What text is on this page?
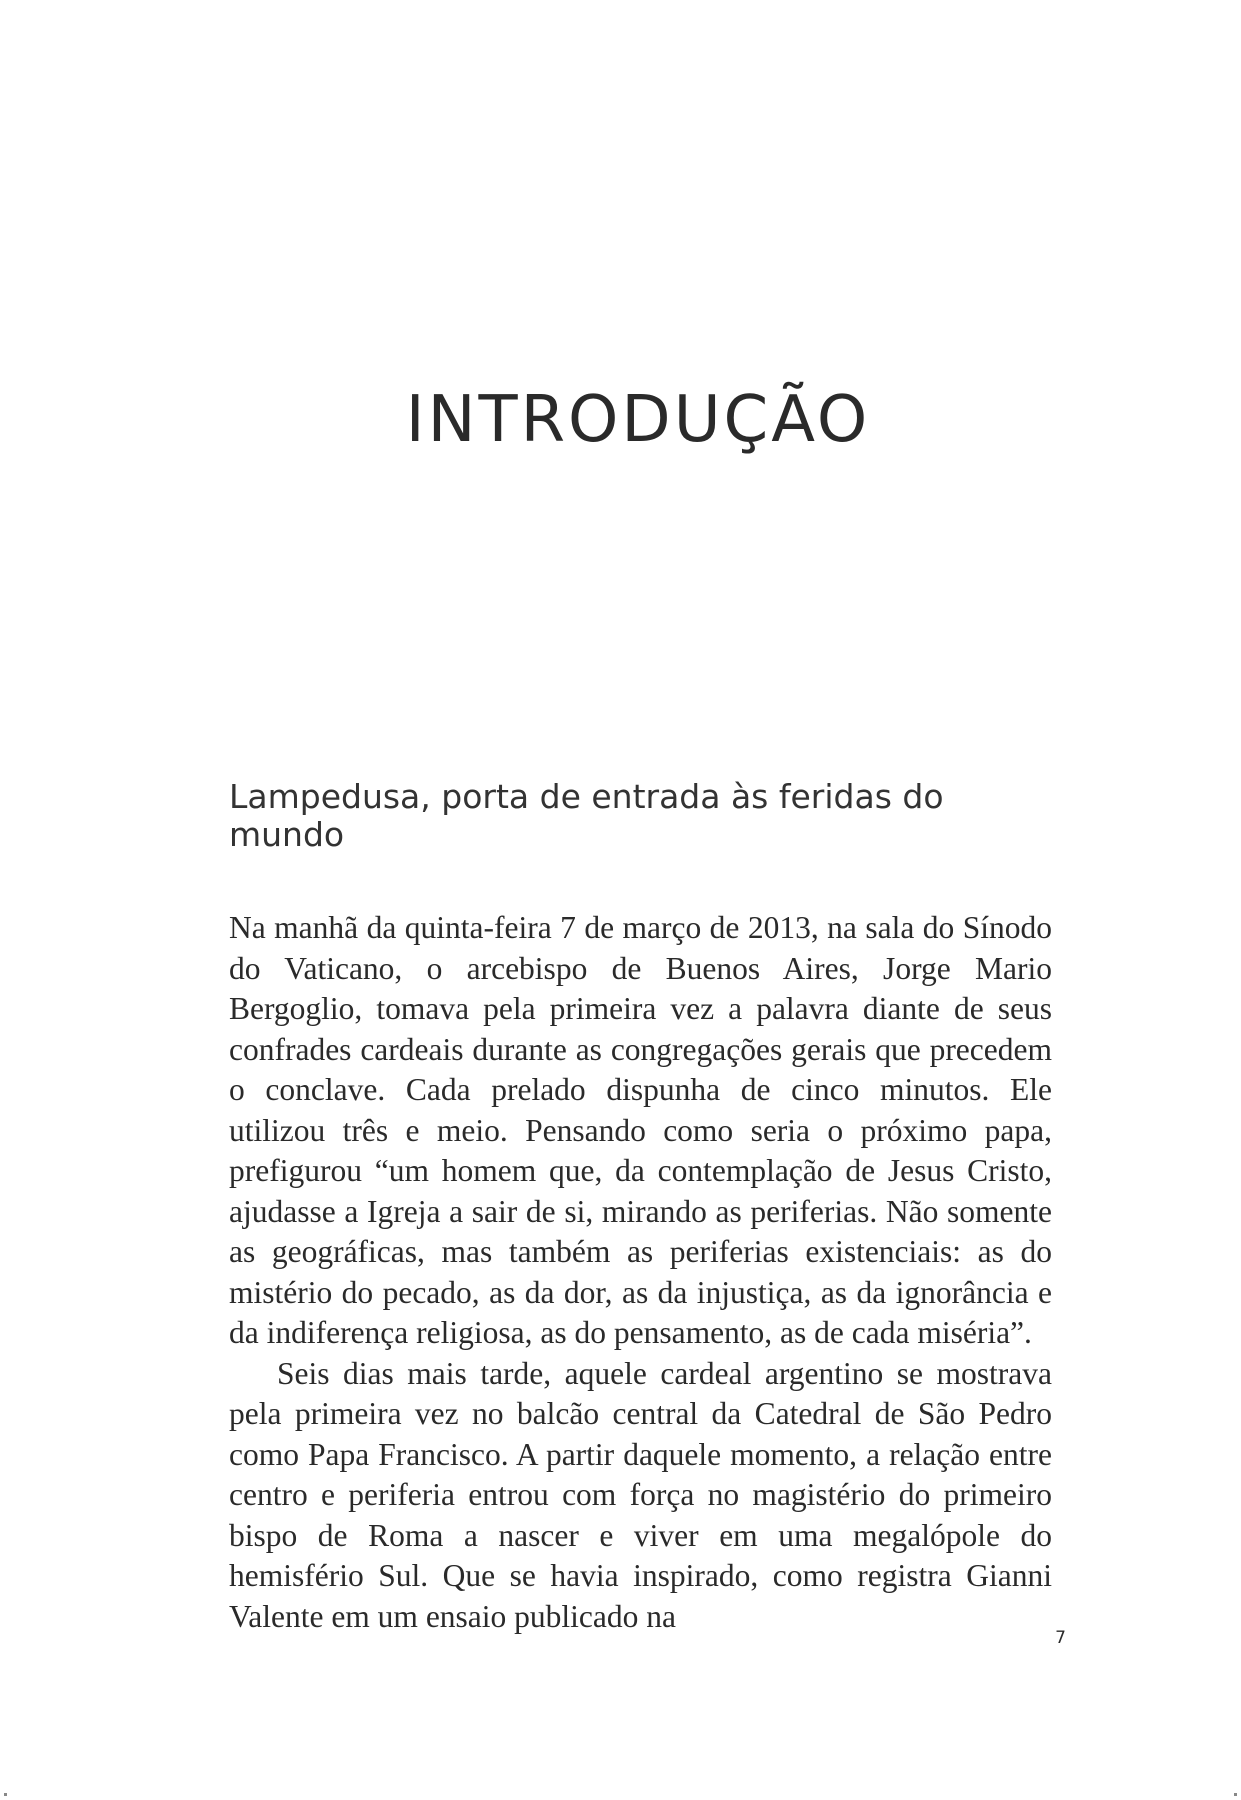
INTRODUÇÃO
Lampedusa, porta de entrada às feridas do mundo

Na manhã da quinta-feira 7 de março de 2013, na sala do Sínodo do Vaticano, o arcebispo de Buenos Aires, Jorge Mario Bergoglio, tomava pela primeira vez a palavra diante de seus confrades cardeais durante as congregações gerais que precedem o conclave. Cada prelado dispunha de cinco minutos. Ele utilizou três e meio. Pensando como seria o próximo papa, prefigurou “um homem que, da contemplação de Jesus Cristo, ajudasse a Igreja a sair de si, mirando as periferias. Não somente as geográficas, mas também as periferias existenciais: as do mistério do pecado, as da dor, as da injustiça, as da ignorância e da indiferença religiosa, as do pensamento, as de cada miséria”.

Seis dias mais tarde, aquele cardeal argentino se mostrava pela primeira vez no balcão central da Catedral de São Pedro como Papa Francisco. A partir daquele momento, a relação entre centro e periferia entrou com força no magistério do primeiro bispo de Roma a nascer e viver em uma megalópole do hemisfério Sul. Que se havia inspirado, como registra Gianni Valente em um ensaio publicado na

7
